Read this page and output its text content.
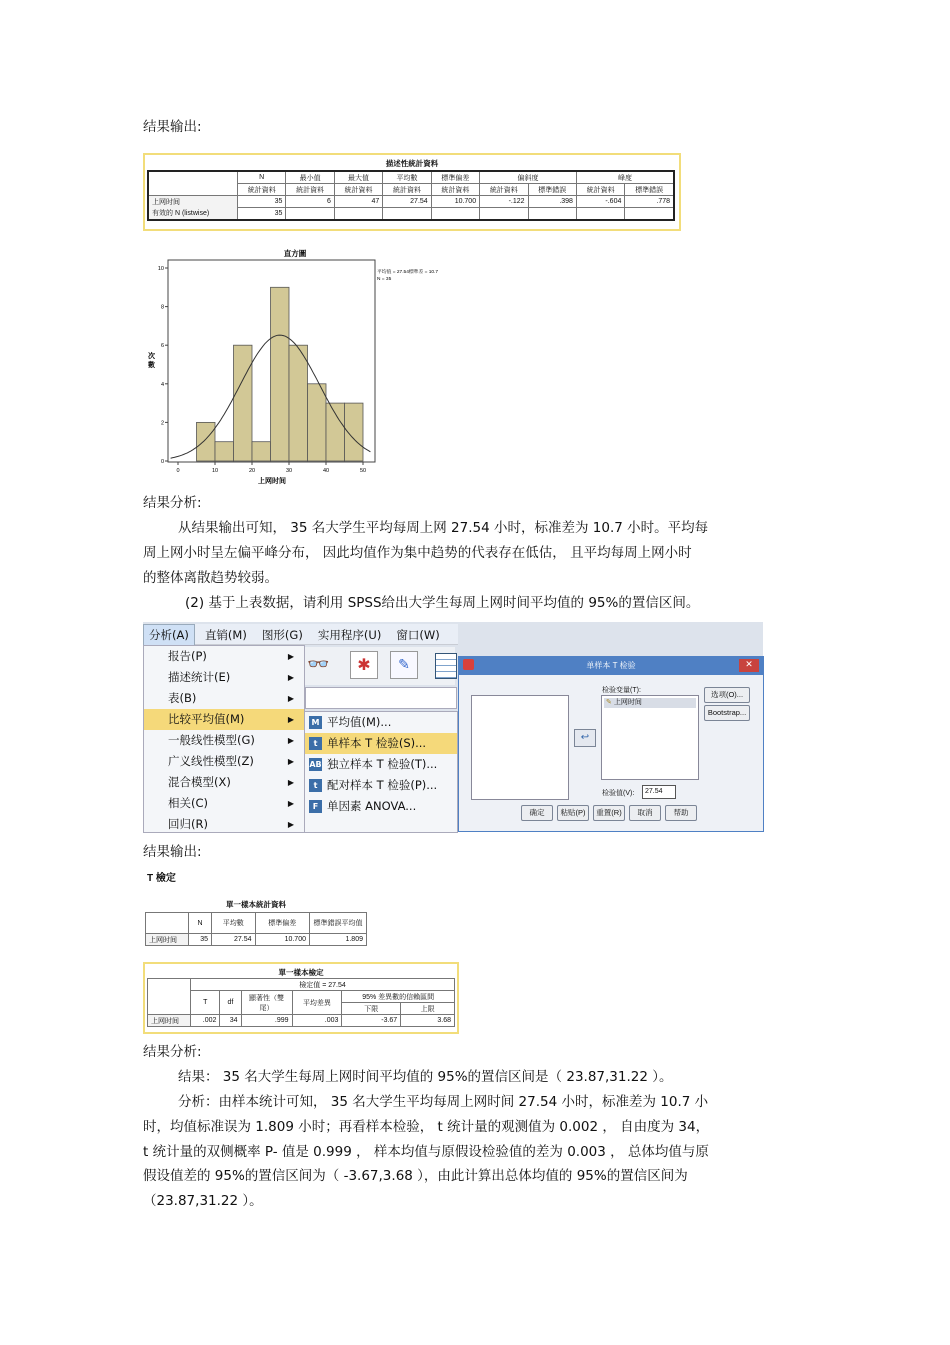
结果输出:
描述性統計資料
	N	最小值	最大值	平均數	標準偏差	偏斜度		峰度	
	統計資料	統計資料	統計資料	統計資料	統計資料	統計資料	標準錯誤	統計資料	標準錯誤
上网时间	35	6	47	27.54	10.700	-.122	.398	-.604	.778
有效的 N (listwise)	35								
直方圖
0
2
4
6
8
10
0	10	20	30	40	50
次數
上网时间
平均值 = 27.54標準差 = 10.7
N = 35
结果分析:
从结果输出可知， 35 名大学生平均每周上网 27.54 小时，标准差为 10.7 小时。平均每
周上网小时呈左偏平峰分布， 因此均值作为集中趋势的代表存在低估， 且平均每周上网小时
的整体离散趋势较弱。
(2) 基于上表数据，请利用 SPSS给出大学生每周上网时间平均值的 95%的置信区间。
分析(A) 直销(M) 图形(G) 实用程序(U) 窗口(W)
报告(P)	▶
描述统计(E)	▶
表(B)	▶
比较平均值(M)	▶
一般线性模型(G)	▶
广义线性模型(Z)	▶
混合模型(X)	▶
相关(C)	▶
回归(R)	▶
👓	✱	✎
M 平均值(M)...
t 单样本 T 检验(S)...
AB 独立样本 T 检验(T)...
t 配对样本 T 检验(P)...
F 单因素 ANOVA...
单样本 T 检验	✕
↩
检验变量(T):
✎ 上网时间
检验值(V):	27.54
选项(O)...
Bootstrap...
确定	粘贴(P)	重置(R)	取消	帮助
结果输出:
T 檢定
單一樣本統計資料
	N	平均數	標準偏差	標準錯誤平均值
上网时间	35	27.54	10.700	1.809
單一樣本檢定
	檢定值 = 27.54					
	T	df	顯著性（雙尾）	平均差異	95% 差異數的信賴區間	
					下限	上限
上网时间	.002	34	.999	.003	-3.67	3.68
结果分析:
结果： 35 名大学生每周上网时间平均值的 95%的置信区间是（ 23.87,31.22 ）。
分析：由样本统计可知， 35 名大学生平均每周上网时间 27.54 小时，标准差为 10.7 小
时，均值标准误为 1.809 小时；再看样本检验， t 统计量的观测值为 0.002 ， 自由度为 34，
t 统计量的双侧概率 P- 值是 0.999 ， 样本均值与原假设检验值的差为 0.003 ， 总体均值与原
假设值差的 95%的置信区间为（ -3.67,3.68 ），由此计算出总体均值的 95%的置信区间为
（23.87,31.22 ）。
